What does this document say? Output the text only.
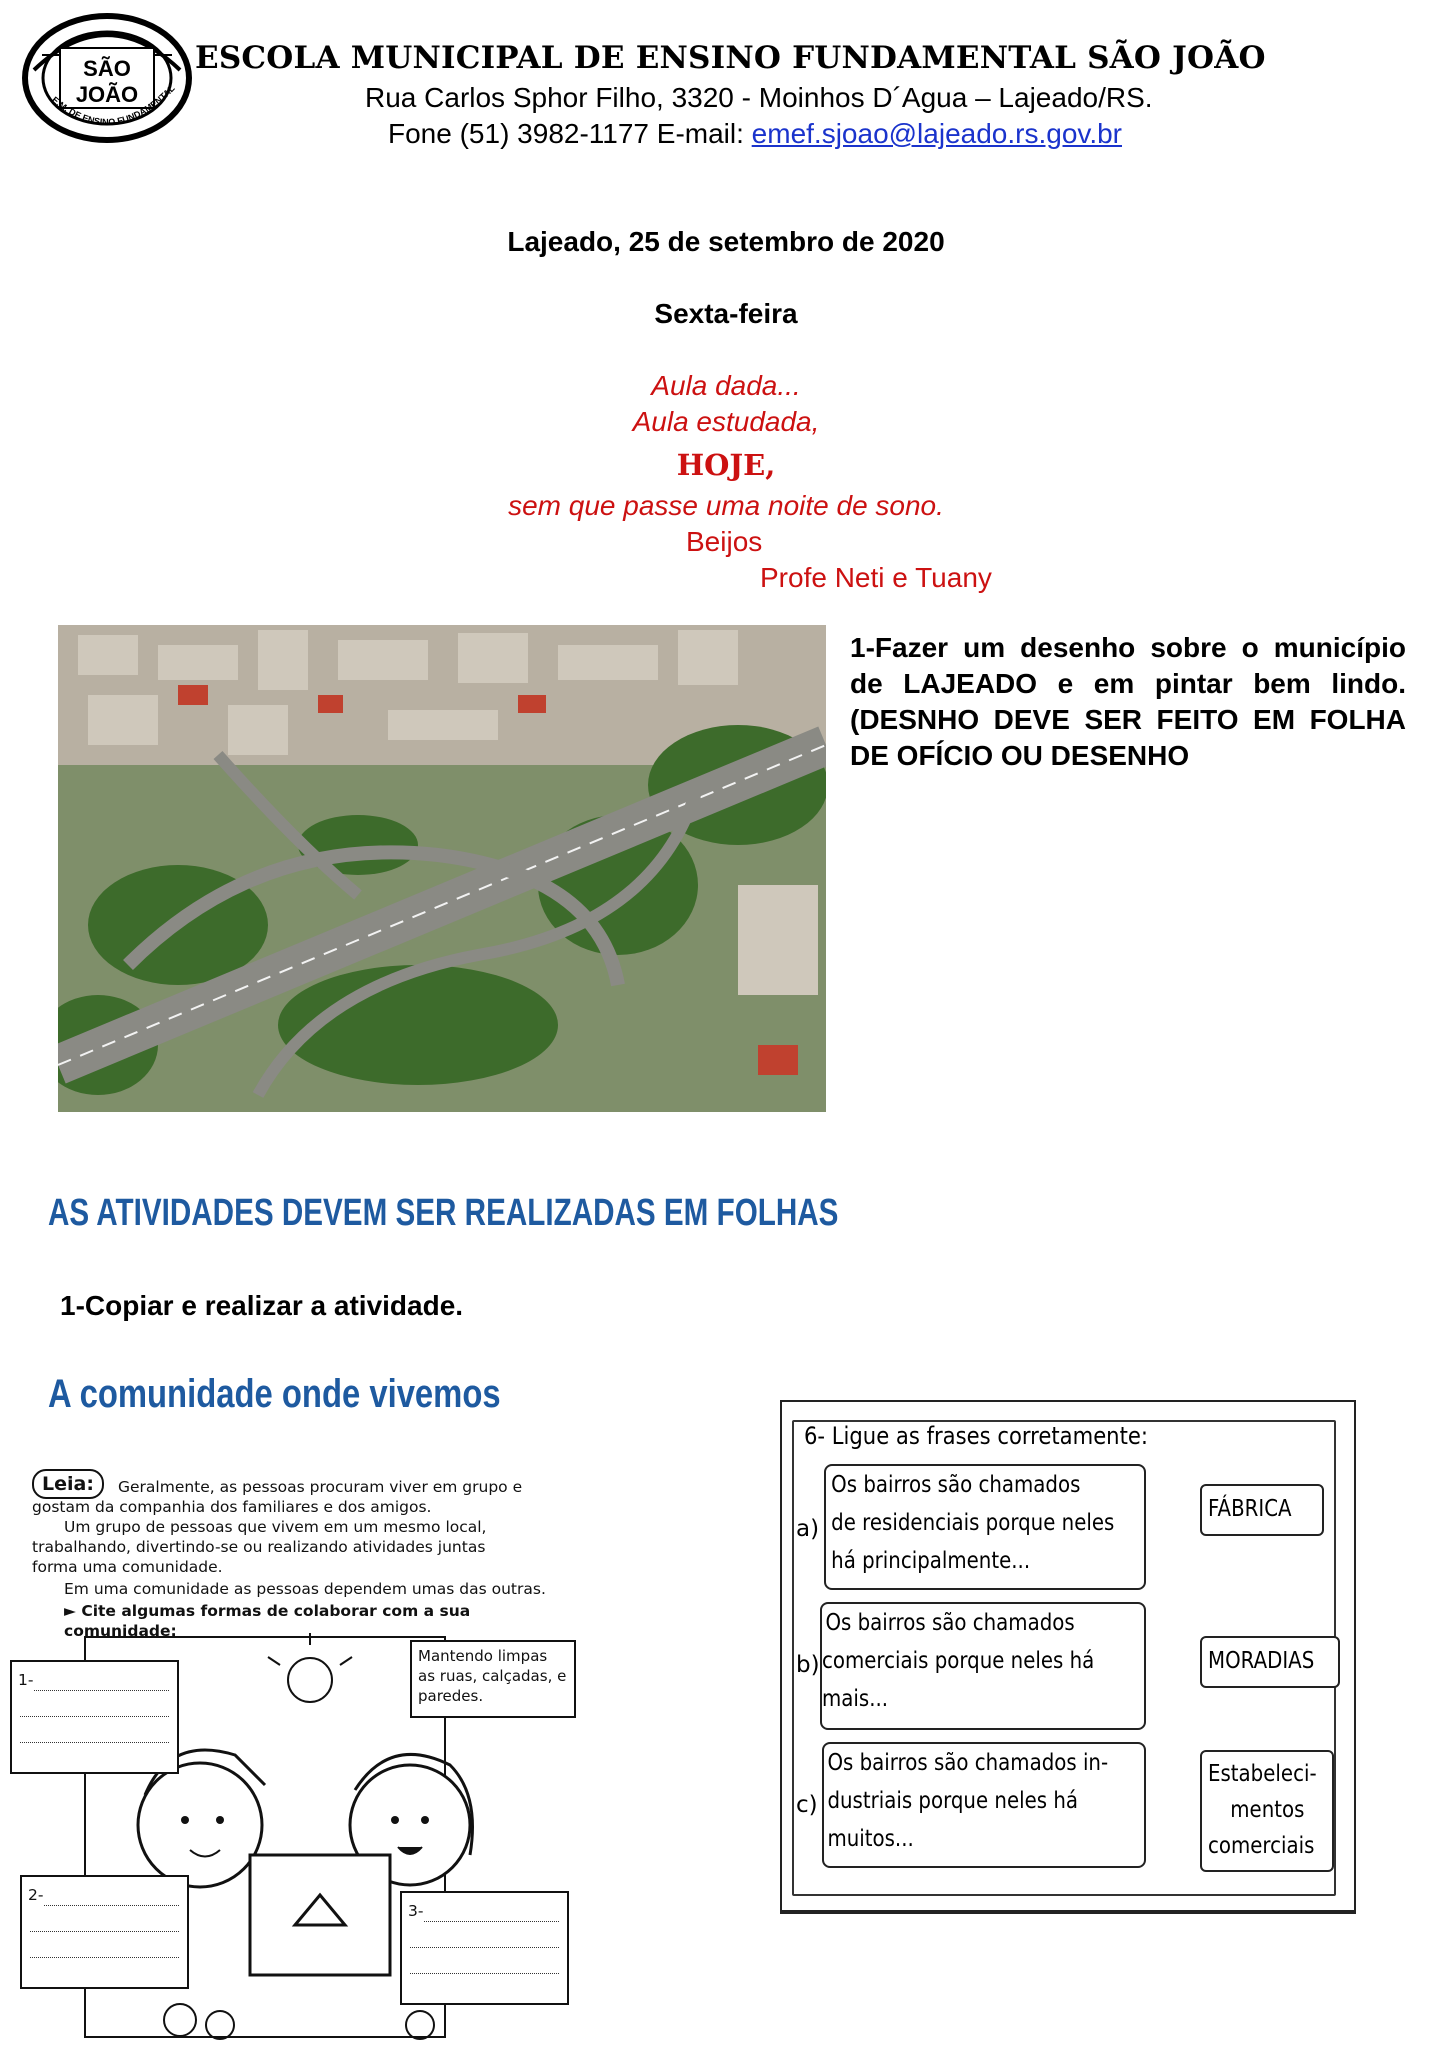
SÃO
JOÃO
E.M. DE ENSINO FUNDAMENTAL
ESCOLA MUNICIPAL DE ENSINO FUNDAMENTAL SÃO JOÃO
Rua Carlos Sphor Filho, 3320 - Moinhos D´Agua – Lajeado/RS.
Fone (51) 3982-1177 E-mail: emef.sjoao@lajeado.rs.gov.br
Lajeado, 25 de setembro de 2020
Sexta-feira
Aula dada...
Aula estudada,
HOJE,
sem que passe uma noite de sono.
Beijos
Profe Neti e Tuany
1-Fazer um desenho sobre o município de LAJEADO e em pintar bem lindo. (DESNHO DEVE SER FEITO EM FOLHA DE OFÍCIO OU DESENHO
AS ATIVIDADES DEVEM SER REALIZADAS EM FOLHAS
1-Copiar e realizar a atividade.
A comunidade onde vivemos
Leia:	Geralmente, as pessoas procuram viver em grupo e
gostam da companhia dos familiares e dos amigos.
Um grupo de pessoas que vivem em um mesmo local,
trabalhando, divertindo-se ou realizando atividades juntas
forma uma comunidade.
Em uma comunidade as pessoas dependem umas das outras.
► Cite algumas formas de colaborar com a sua comunidade:
Mantendo limpas as ruas, calçadas, e paredes.
1-
2-
3-
6- Ligue as frases corretamente:
a)
Os bairros são chamados
de residenciais porque neles
há principalmente...
b)
Os bairros são chamados
comerciais porque neles há
mais...
c)
Os bairros são chamados in-
dustriais porque neles há
muitos...
FÁBRICA
MORADIAS
Estabeleci-
mentos
comerciais
